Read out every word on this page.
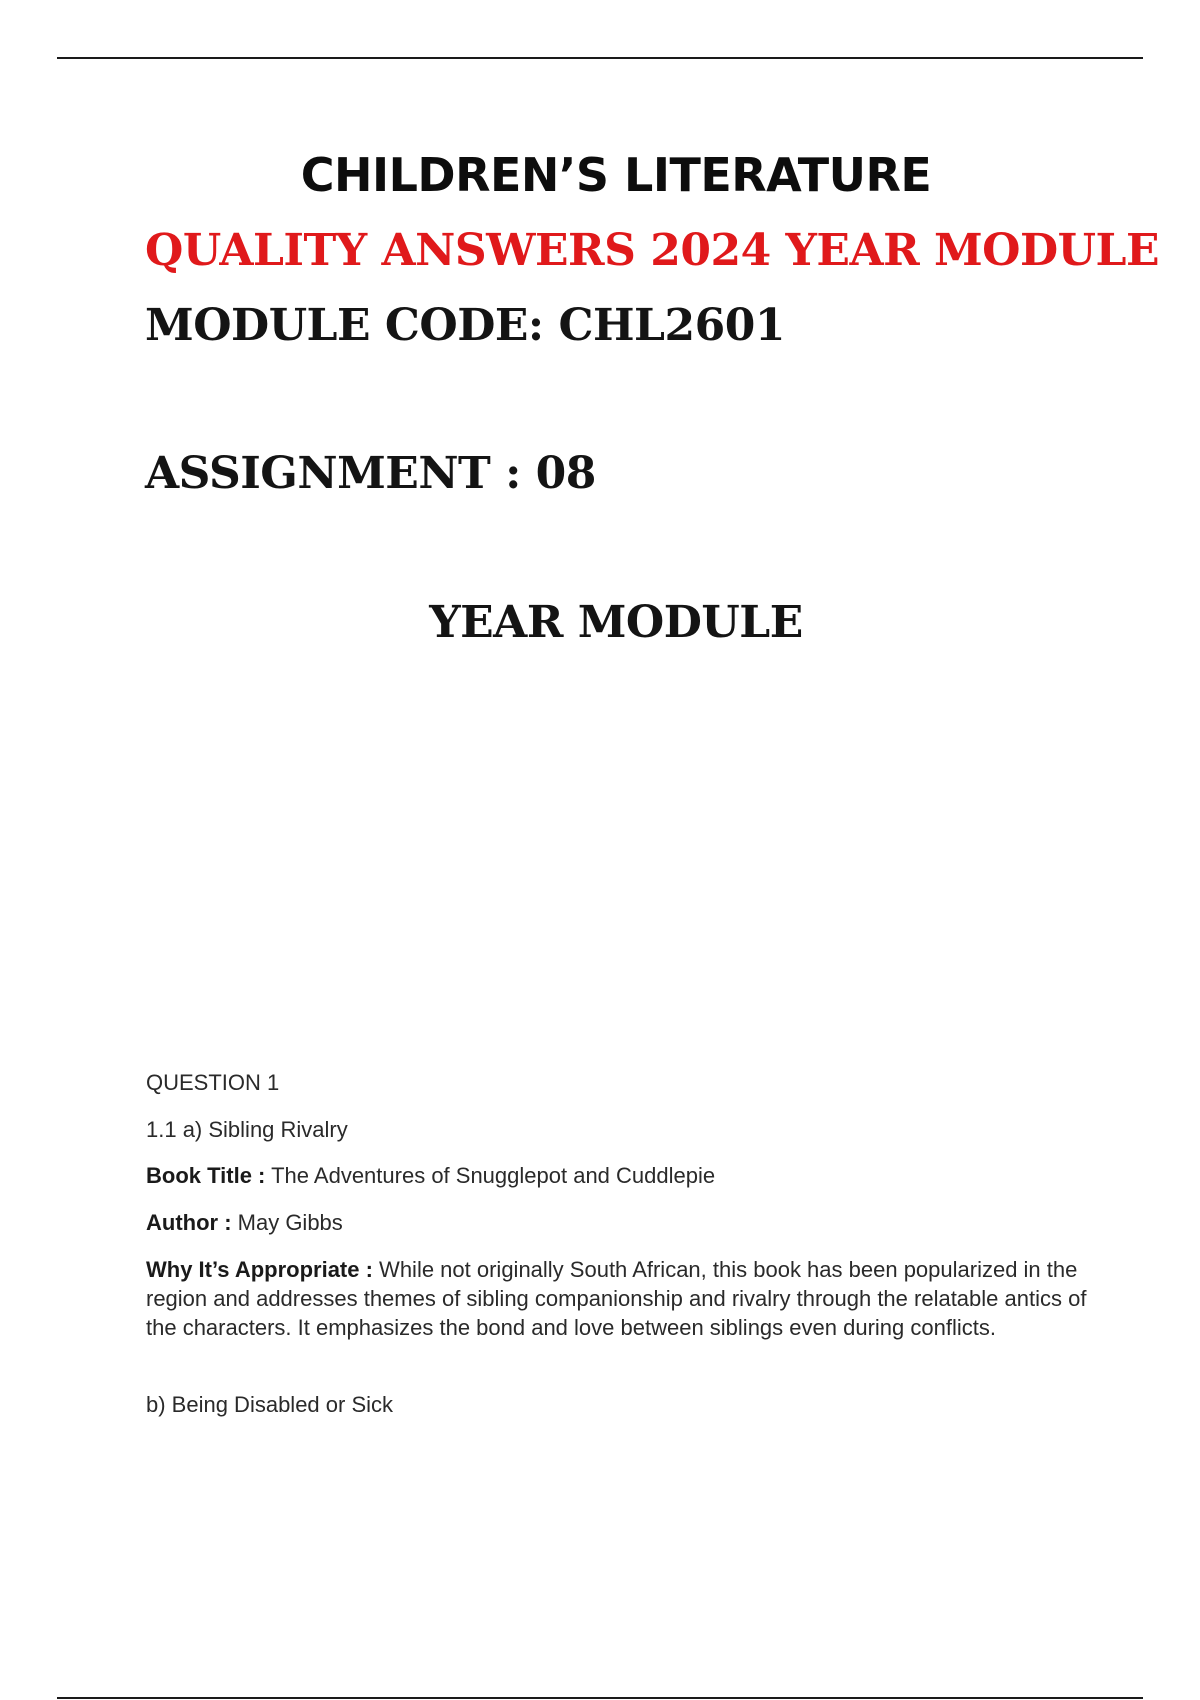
CHILDREN’S LITERATURE

QUALITY ANSWERS 2024 YEAR MODULE

MODULE CODE: CHL2601

ASSIGNMENT : 08

YEAR MODULE

QUESTION 1

1.1 a) Sibling Rivalry

Book Title : The Adventures of Snugglepot and Cuddlepie

Author : May Gibbs

Why It’s Appropriate : While not originally South African, this book has been popularized in the region and addresses themes of sibling companionship and rivalry through the relatable antics of the characters. It emphasizes the bond and love between siblings even during conflicts.

b) Being Disabled or Sick
